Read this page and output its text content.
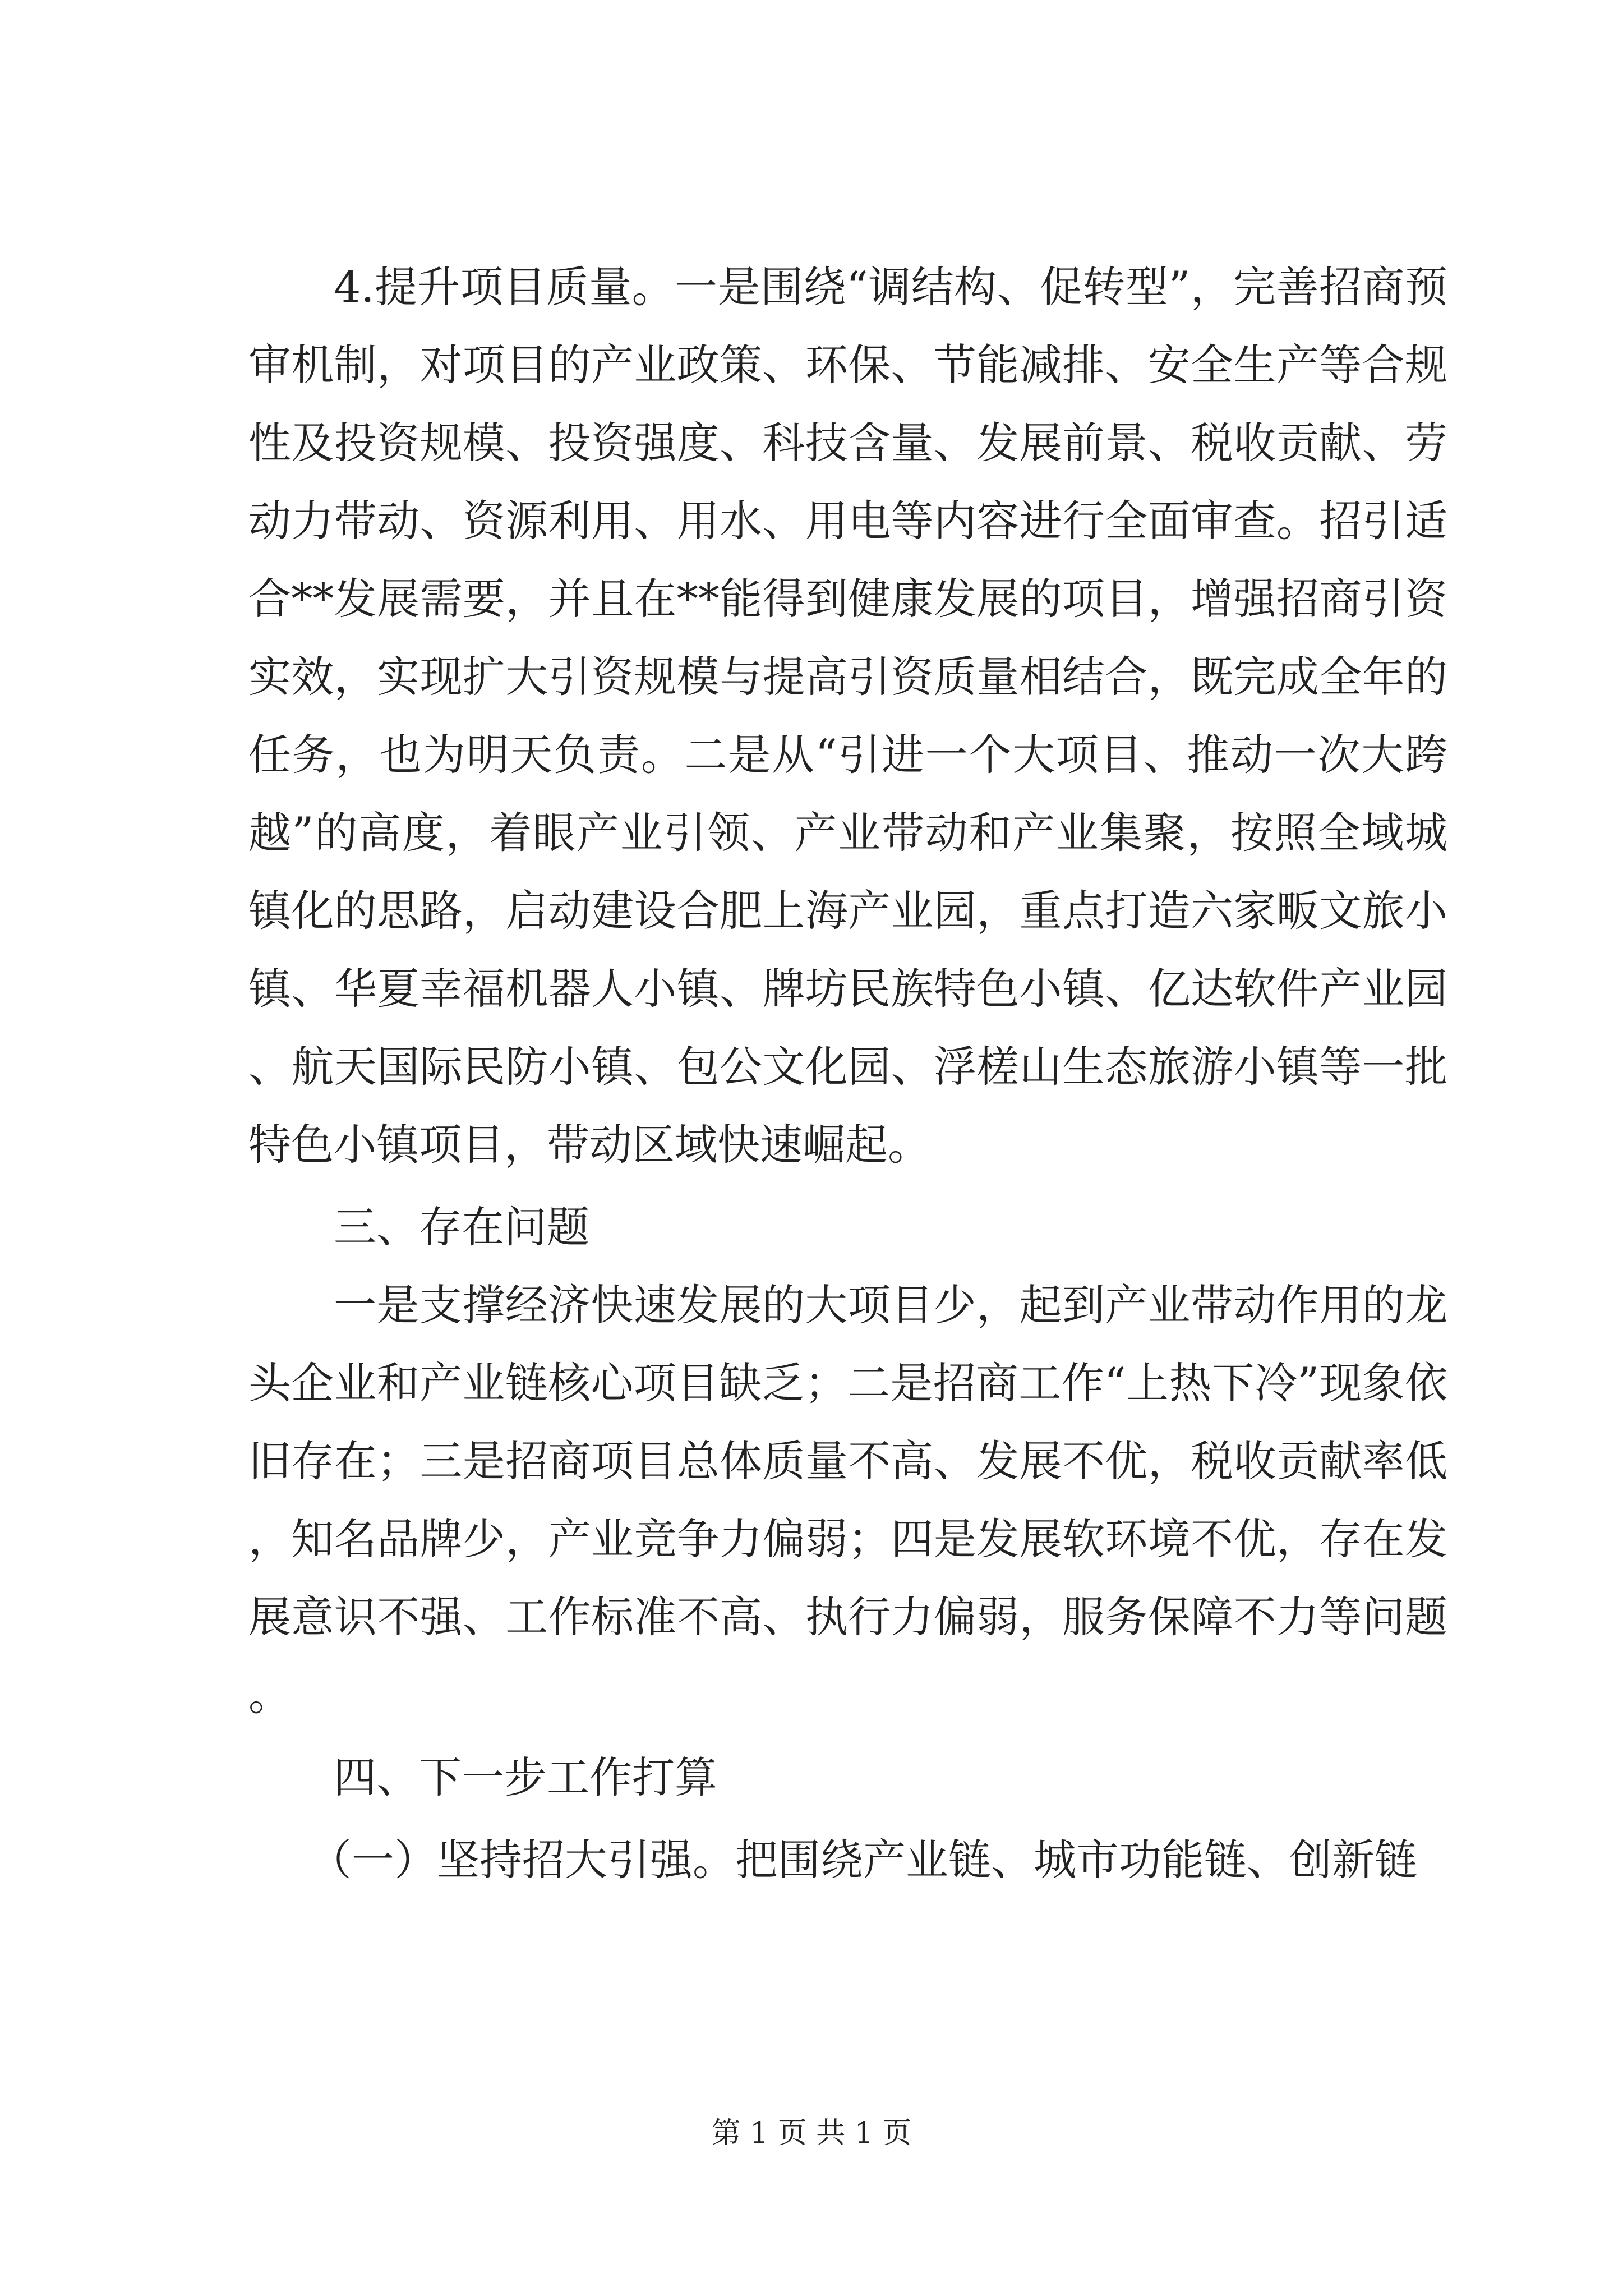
4.提升项目质量。一是围绕“调结构、促转型”，完善招商预审机制，对项目的产业政策、环保、节能减排、安全生产等合规性及投资规模、投资强度、科技含量、发展前景、税收贡献、劳动力带动、资源利用、用水、用电等内容进行全面审查。招引适合**发展需要，并且在**能得到健康发展的项目，增强招商引资实效，实现扩大引资规模与提高引资质量相结合，既完成全年的任务，也为明天负责。二是从“引进一个大项目、推动一次大跨越”的高度，着眼产业引领、产业带动和产业集聚，按照全域城镇化的思路，启动建设合肥上海产业园，重点打造六家畈文旅小镇、华夏幸福机器人小镇、牌坊民族特色小镇、亿达软件产业园、航天国际民防小镇、包公文化园、浮槎山生态旅游小镇等一批特色小镇项目，带动区域快速崛起。

三、存在问题

一是支撑经济快速发展的大项目少，起到产业带动作用的龙头企业和产业链核心项目缺乏；二是招商工作“上热下冷”现象依旧存在；三是招商项目总体质量不高、发展不优，税收贡献率低，知名品牌少，产业竞争力偏弱；四是发展软环境不优，存在发展意识不强、工作标准不高、执行力偏弱，服务保障不力等问题。

四、下一步工作打算

（一）坚持招大引强。把围绕产业链、城市功能链、创新链

第 1 页 共 1 页
